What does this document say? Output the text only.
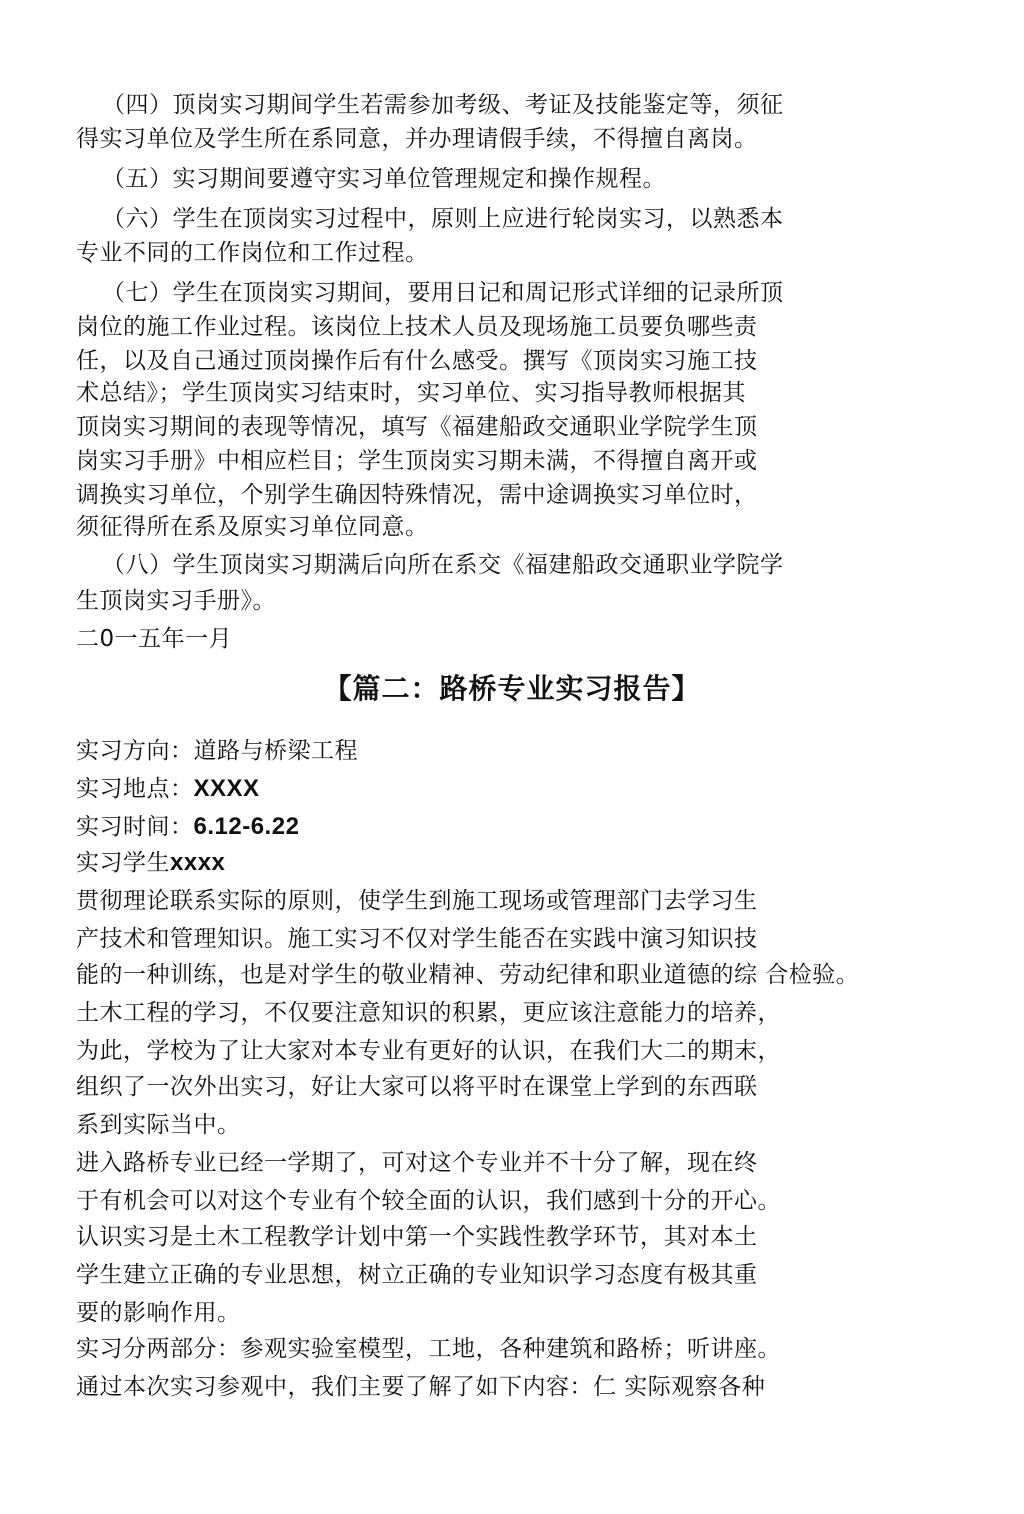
（四）顶岗实习期间学生若需参加考级、考证及技能鉴定等，须征
得实习单位及学生所在系同意，并办理请假手续，不得擅自离岗。
（五）实习期间要遵守实习单位管理规定和操作规程。
（六）学生在顶岗实习过程中，原则上应进行轮岗实习，以熟悉本
专业不同的工作岗位和工作过程。
（七）学生在顶岗实习期间，要用日记和周记形式详细的记录所顶
岗位的施工作业过程。该岗位上技术人员及现场施工员要负哪些责
任，以及自己通过顶岗操作后有什么感受。撰写《顶岗实习施工技
术总结》；学生顶岗实习结束时，实习单位、实习指导教师根据其
顶岗实习期间的表现等情况，填写《福建船政交通职业学院学生顶
岗实习手册》中相应栏目；学生顶岗实习期未满，不得擅自离开或
调换实习单位，个别学生确因特殊情况，需中途调换实习单位时，
须征得所在系及原实习单位同意。
（八）学生顶岗实习期满后向所在系交《福建船政交通职业学院学
生顶岗实习手册》。
二0一五年一月
【篇二：路桥专业实习报告】
实习方向：道路与桥梁工程
实习地点：XXXX
实习时间：6.12-6.22
实习学生xxxx
贯彻理论联系实际的原则，使学生到施工现场或管理部门去学习生
产技术和管理知识。施工实习不仅对学生能否在实践中演习知识技
能的一种训练，也是对学生的敬业精神、劳动纪律和职业道德的综 合检验。
土木工程的学习，不仅要注意知识的积累，更应该注意能力的培养，
为此，学校为了让大家对本专业有更好的认识，在我们大二的期末，
组织了一次外出实习，好让大家可以将平时在课堂上学到的东西联
系到实际当中。
进入路桥专业已经一学期了，可对这个专业并不十分了解，现在终
于有机会可以对这个专业有个较全面的认识，我们感到十分的开心。
认识实习是土木工程教学计划中第一个实践性教学环节，其对本土
学生建立正确的专业思想，树立正确的专业知识学习态度有极其重
要的影响作用。
实习分两部分：参观实验室模型，工地，各种建筑和路桥；听讲座。
通过本次实习参观中，我们主要了解了如下内容：仁 实际观察各种
